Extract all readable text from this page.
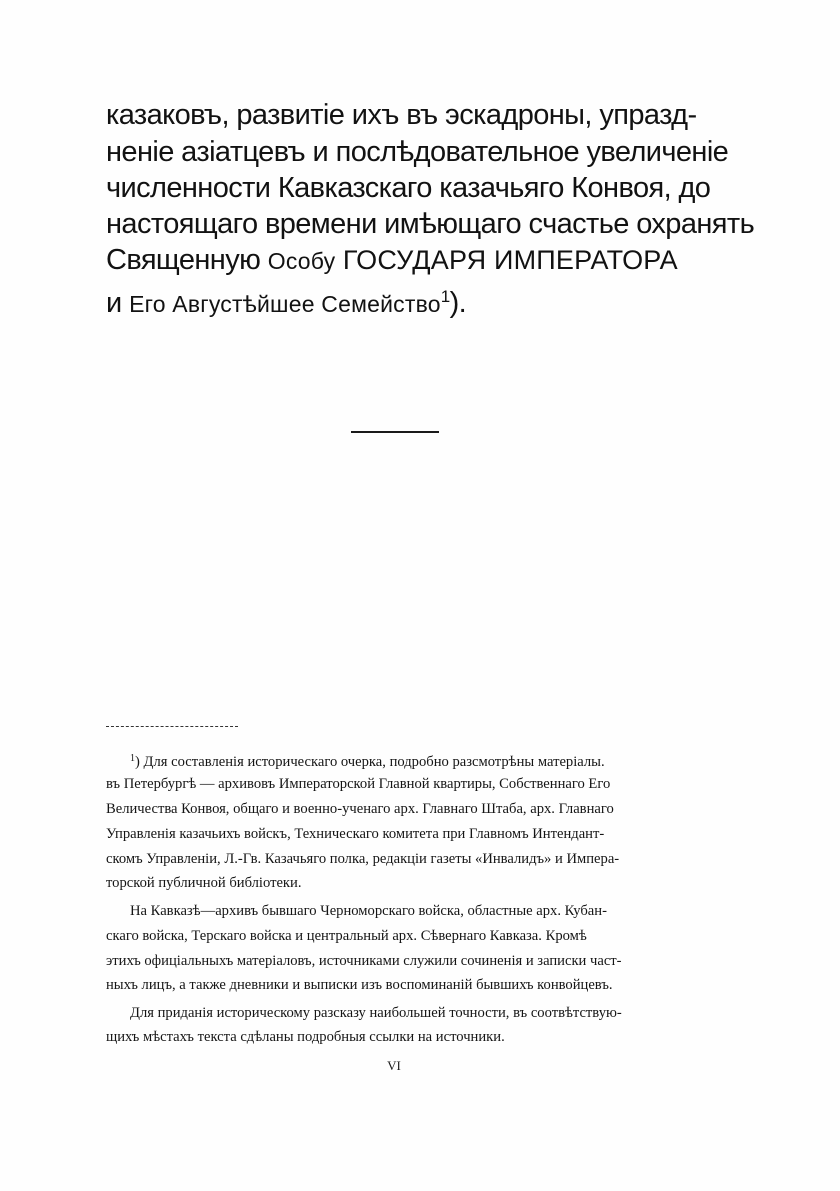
казаковъ, развитіе ихъ въ эскадроны, упразд-
неніе азіатцевъ и послѣдовательное увеличеніе
численности Кавказскаго казачьяго Конвоя, до
настоящаго времени имѣющаго счастье охранять
Священную Особу ГОСУДАРЯ ИМПЕРАТОРА
и Его Августѣйшее Семейство$^1$).
$^1$) Для составленія историческаго очерка, подробно разсмотрѣны матеріалы.
въ Петербургѣ — архивовъ Императорской Главной квартиры, Собственнаго Его
Величества Конвоя, общаго и военно-ученаго арх. Главнаго Штаба, арх. Главнаго
Управленія казачьихъ войскъ, Техническаго комитета при Главномъ Интендант-
скомъ Управленіи, Л.-Гв. Казачьяго полка, редакціи газеты «Инвалидъ» и Импера-
торской публичной библіотеки.
На Кавказѣ—архивъ бывшаго Черноморскаго войска, областные арх. Кубан-
скаго войска, Терскаго войска и центральный арх. Сѣвернаго Кавказа. Кромѣ
этихъ офиціальныхъ матеріаловъ, источниками служили сочиненія и записки част-
ныхъ лицъ, а также дневники и выписки изъ воспоминаній бывшихъ конвойцевъ.
Для приданія историческому разсказу наибольшей точности, въ соотвѣтствую-
щихъ мѣстахъ текста сдѣланы подробныя ссылки на источники.
VI
